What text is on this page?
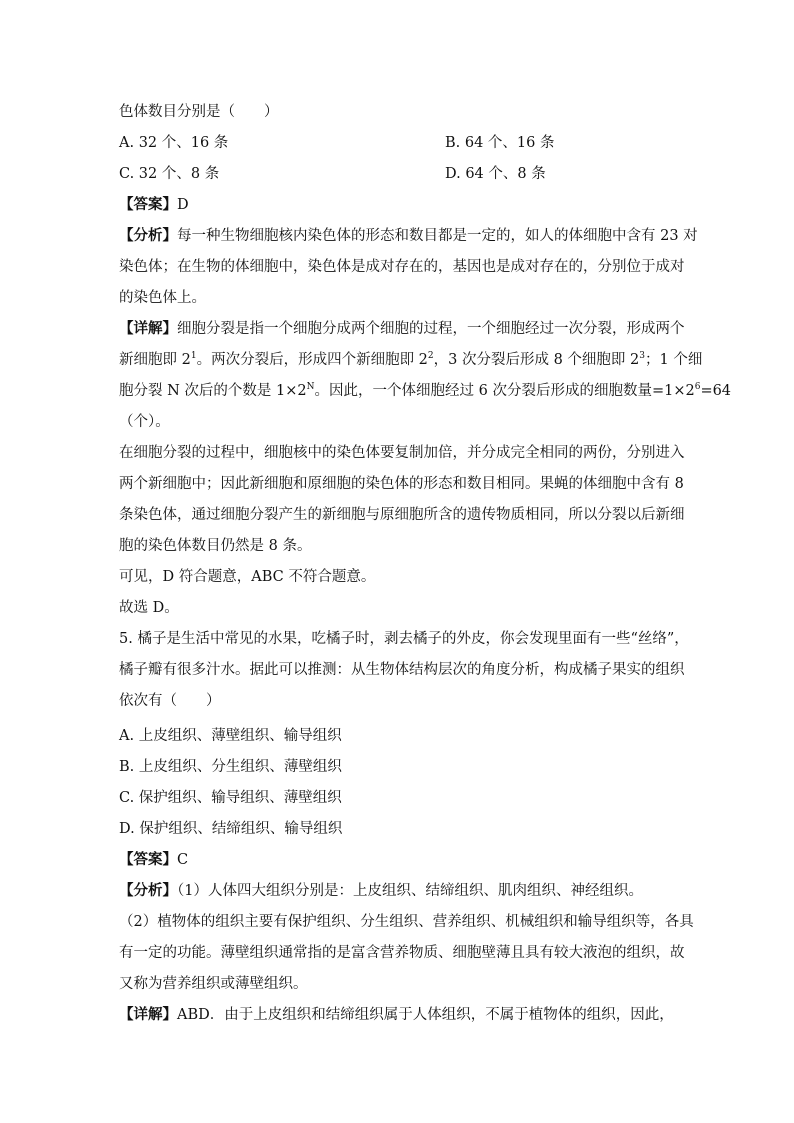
色体数目分别是（　　）
A. 32 个、16 条	B. 64 个、16 条
C. 32 个、8 条	D. 64 个、8 条
【答案】D
【分析】每一种生物细胞核内染色体的形态和数目都是一定的，如人的体细胞中含有 23 对
染色体；在生物的体细胞中，染色体是成对存在的，基因也是成对存在的，分别位于成对
的染色体上。
【详解】细胞分裂是指一个细胞分成两个细胞的过程，一个细胞经过一次分裂，形成两个
新细胞即 $2^1$。两次分裂后，形成四个新细胞即 $2^2$，3 次分裂后形成 8 个细胞即 $2^3$；1 个细
胞分裂 N 次后的个数是 $1\times 2^N$。因此，一个体细胞经过 6 次分裂后形成的细胞数量$=1\times 2^6=64$
（个）。
在细胞分裂的过程中，细胞核中的染色体要复制加倍，并分成完全相同的两份，分别进入
两个新细胞中；因此新细胞和原细胞的染色体的形态和数目相同。果蝇的体细胞中含有 8
条染色体，通过细胞分裂产生的新细胞与原细胞所含的遗传物质相同，所以分裂以后新细
胞的染色体数目仍然是 8 条。
可见，D 符合题意，ABC 不符合题意。
故选 D。
5. 橘子是生活中常见的水果，吃橘子时，剥去橘子的外皮，你会发现里面有一些“丝络”，
橘子瓣有很多汁水。据此可以推测：从生物体结构层次的角度分析，构成橘子果实的组织
依次有（　　）
A. 上皮组织、薄壁组织、输导组织
B. 上皮组织、分生组织、薄壁组织
C. 保护组织、输导组织、薄壁组织
D. 保护组织、结缔组织、输导组织
【答案】C
【分析】（1）人体四大组织分别是：上皮组织、结缔组织、肌肉组织、神经组织。
（2）植物体的组织主要有保护组织、分生组织、营养组织、机械组织和输导组织等，各具
有一定的功能。薄壁组织通常指的是富含营养物质、细胞壁薄且具有较大液泡的组织，故
又称为营养组织或薄壁组织。
【详解】ABD．由于上皮组织和结缔组织属于人体组织，不属于植物体的组织，因此，
